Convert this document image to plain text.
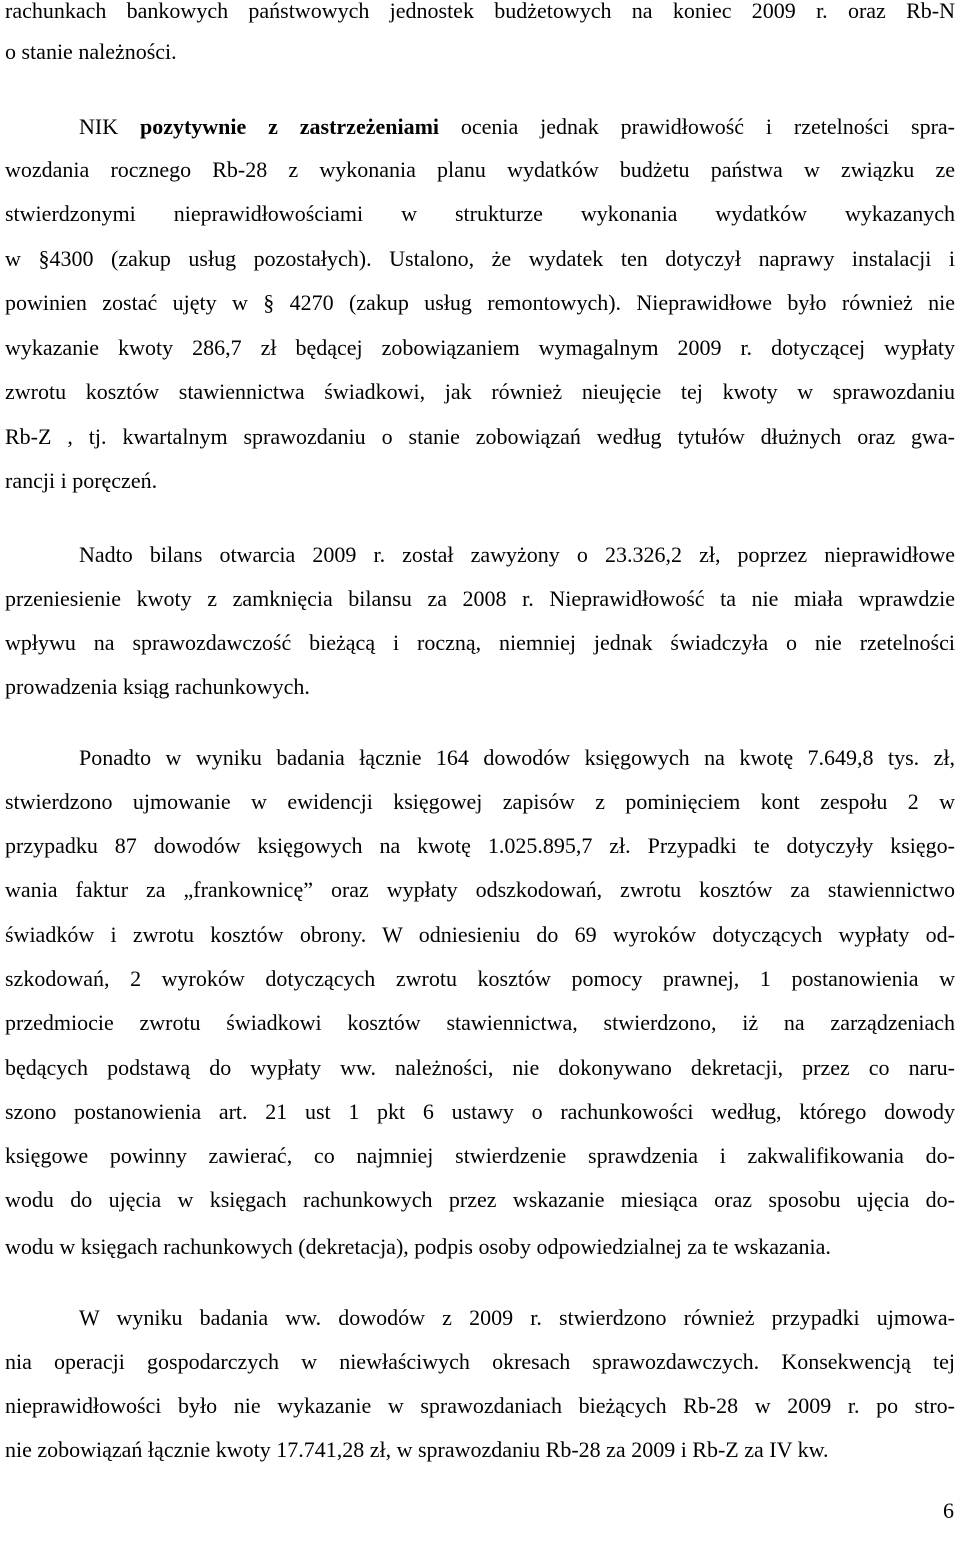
rachunkach bankowych państwowych jednostek budżetowych na koniec 2009 r. oraz Rb-N
o stanie należności.
NIK pozytywnie z zastrzeżeniami ocenia jednak prawidłowość i rzetelności spra-
wozdania rocznego Rb-28 z wykonania planu wydatków budżetu państwa w związku ze
stwierdzonymi nieprawidłowościami w strukturze wykonania wydatków wykazanych
w §4300 (zakup usług pozostałych). Ustalono, że wydatek ten dotyczył naprawy instalacji i
powinien zostać ujęty w § 4270 (zakup usług remontowych). Nieprawidłowe było również nie
wykazanie kwoty 286,7 zł będącej zobowiązaniem wymagalnym 2009 r. dotyczącej wypłaty
zwrotu kosztów stawiennictwa świadkowi, jak również nieujęcie tej kwoty w sprawozdaniu
Rb-Z , tj. kwartalnym sprawozdaniu o stanie zobowiązań według tytułów dłużnych oraz gwa-
rancji i poręczeń.
Nadto bilans otwarcia 2009 r. został zawyżony o 23.326,2 zł, poprzez nieprawidłowe
przeniesienie kwoty z zamknięcia bilansu za 2008 r. Nieprawidłowość ta nie miała wprawdzie
wpływu na sprawozdawczość bieżącą i roczną, niemniej jednak świadczyła o nie rzetelności
prowadzenia ksiąg rachunkowych.
Ponadto w wyniku badania łącznie 164 dowodów księgowych na kwotę 7.649,8 tys. zł,
stwierdzono ujmowanie w ewidencji księgowej zapisów z pominięciem kont zespołu 2 w
przypadku 87 dowodów księgowych na kwotę 1.025.895,7 zł. Przypadki te dotyczyły księgo-
wania faktur za „frankownicę” oraz wypłaty odszkodowań, zwrotu kosztów za stawiennictwo
świadków i zwrotu kosztów obrony. W odniesieniu do 69 wyroków dotyczących wypłaty od-
szkodowań, 2 wyroków dotyczących zwrotu kosztów pomocy prawnej, 1 postanowienia w
przedmiocie zwrotu świadkowi kosztów stawiennictwa, stwierdzono, iż na zarządzeniach
będących podstawą do wypłaty ww. należności, nie dokonywano dekretacji, przez co naru-
szono postanowienia art. 21 ust 1 pkt 6 ustawy o rachunkowości według, którego dowody
księgowe powinny zawierać, co najmniej stwierdzenie sprawdzenia i zakwalifikowania do-
wodu do ujęcia w księgach rachunkowych przez wskazanie miesiąca oraz sposobu ujęcia do-
wodu w księgach rachunkowych (dekretacja), podpis osoby odpowiedzialnej za te wskazania.
W wyniku badania ww. dowodów z 2009 r. stwierdzono również przypadki ujmowa-
nia operacji gospodarczych w niewłaściwych okresach sprawozdawczych. Konsekwencją tej
nieprawidłowości było nie wykazanie w sprawozdaniach bieżących Rb-28 w 2009 r. po stro-
nie zobowiązań łącznie kwoty 17.741,28 zł, w sprawozdaniu Rb-28 za 2009 i Rb-Z za IV kw.
6
